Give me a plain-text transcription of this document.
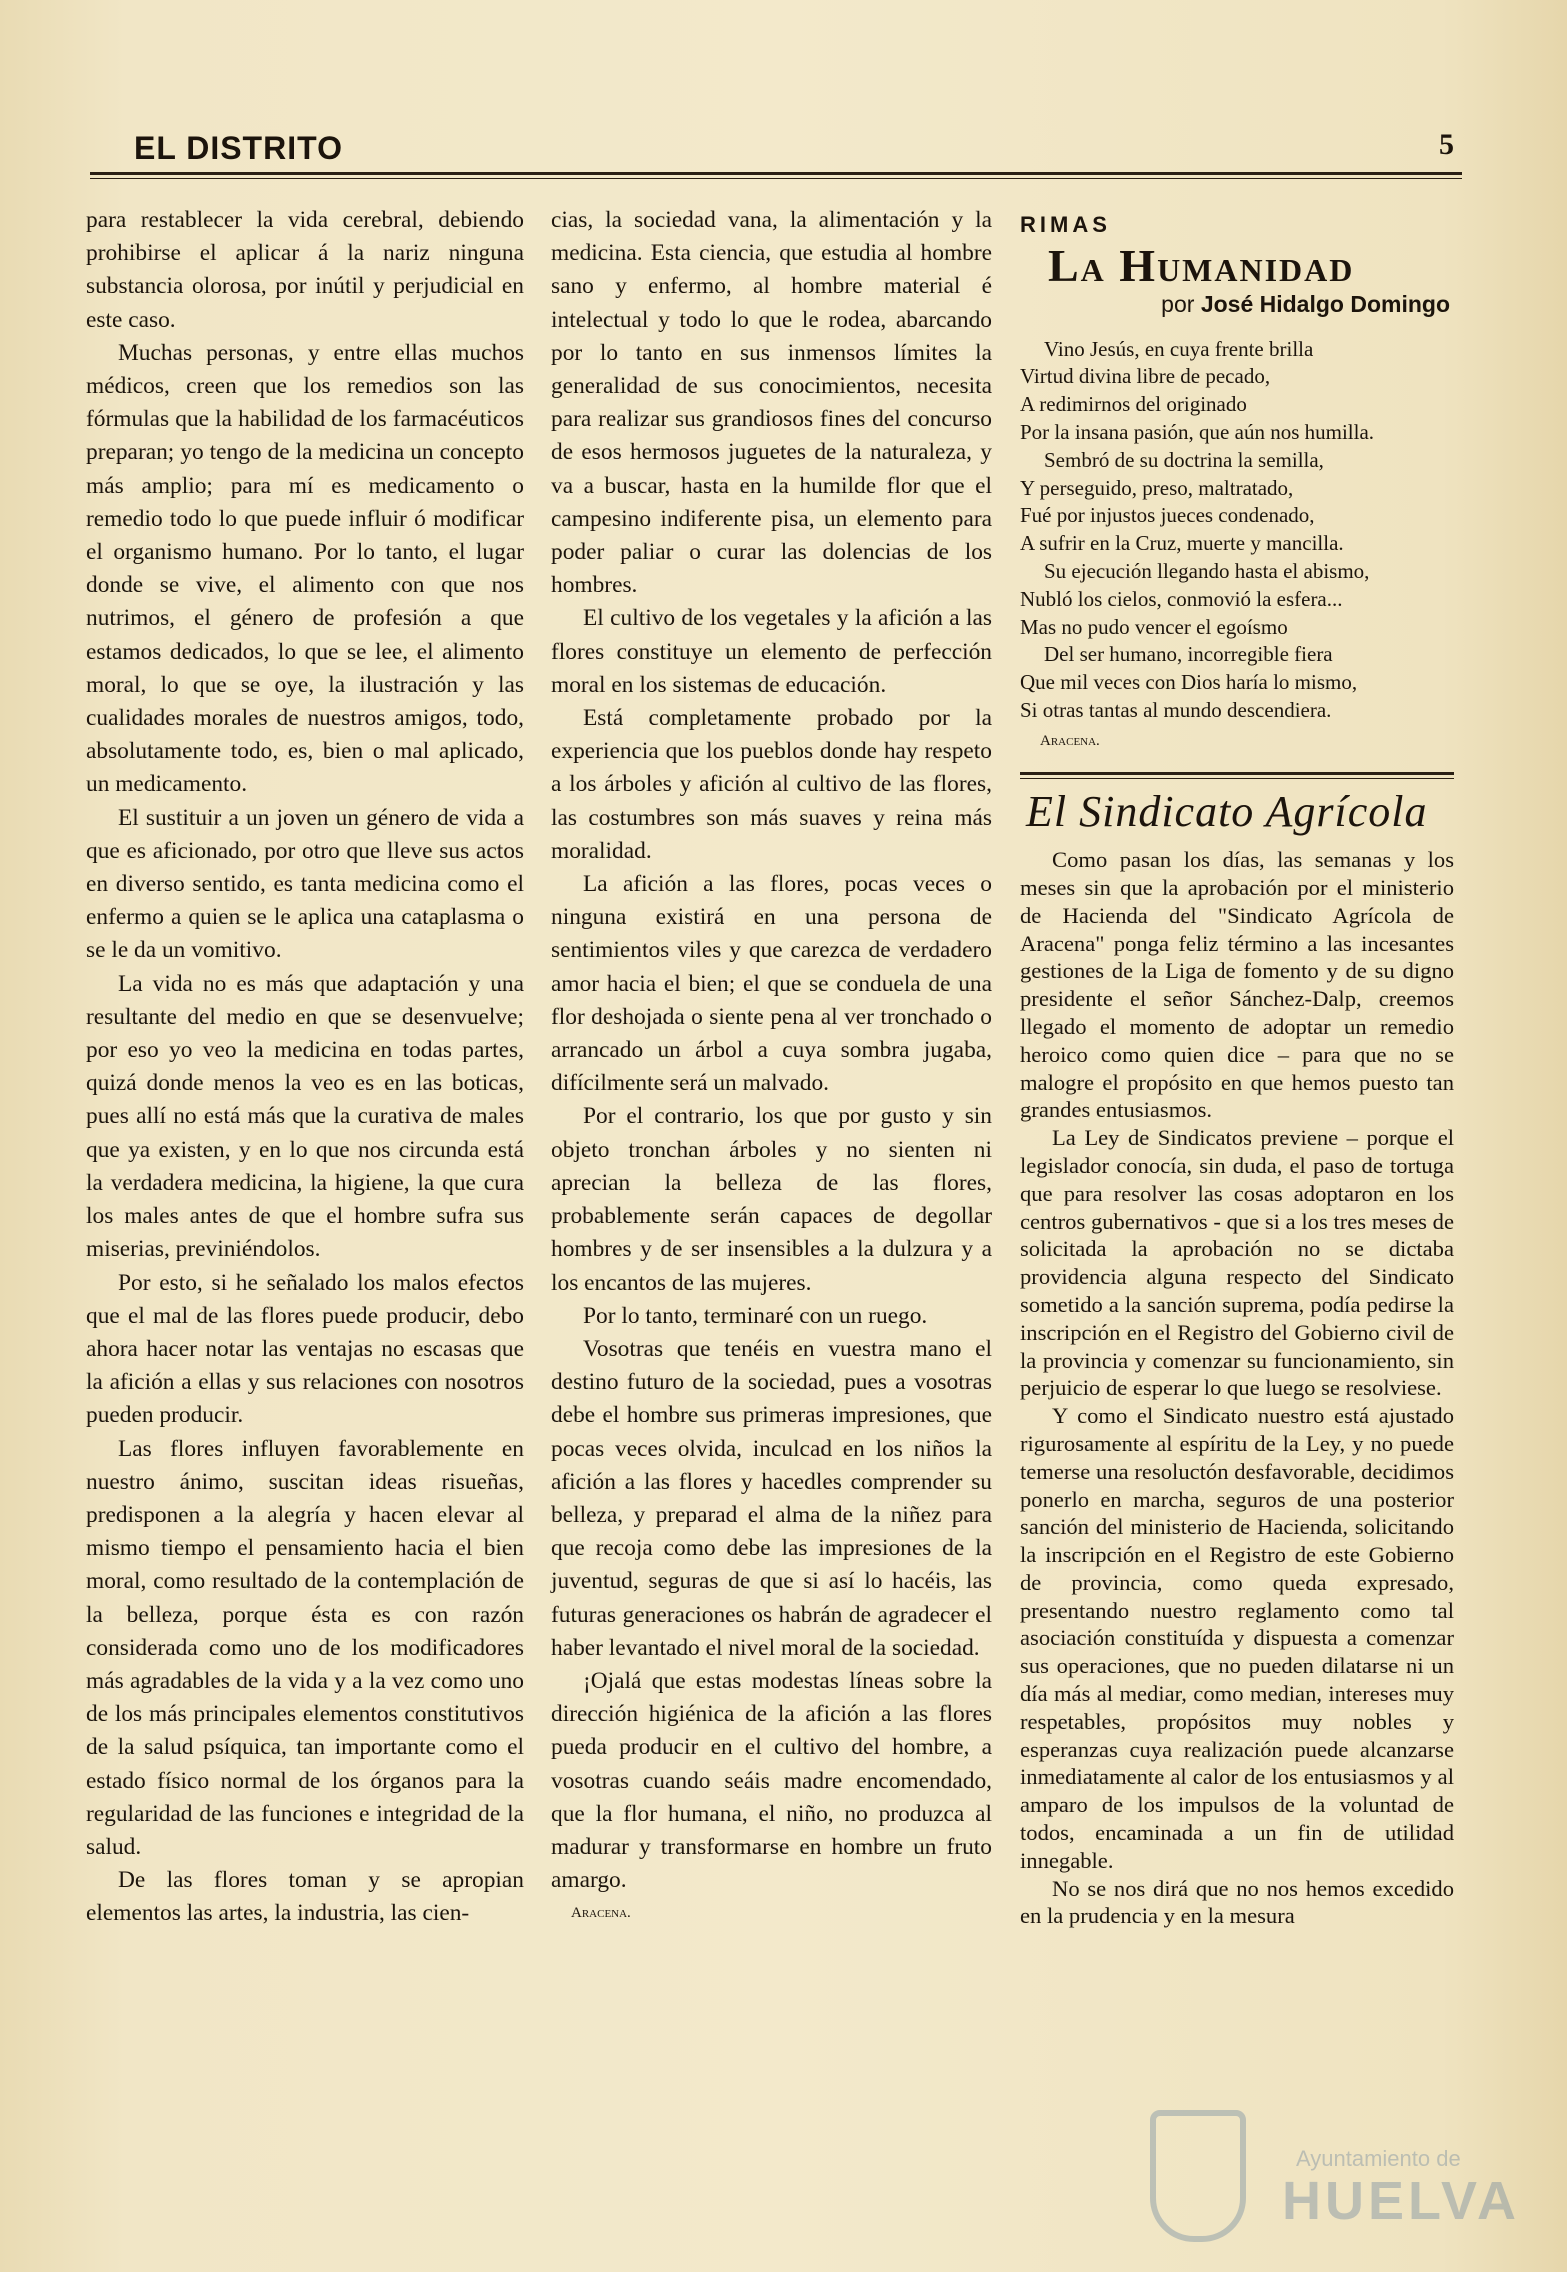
EL DISTRITO	5

para restablecer la vida cerebral, debiendo prohibirse el aplicar á la nariz ninguna substancia olorosa, por inútil y perjudicial en este caso.

Muchas personas, y entre ellas muchos médicos, creen que los remedios son las fórmulas que la habilidad de los farmacéuticos preparan; yo tengo de la medicina un concepto más amplio; para mí es medicamento o remedio todo lo que puede influir ó modificar el organismo humano. Por lo tanto, el lugar donde se vive, el alimento con que nos nutrimos, el género de profesión a que estamos dedicados, lo que se lee, el alimento moral, lo que se oye, la ilustración y las cualidades morales de nuestros amigos, todo, absolutamente todo, es, bien o mal aplicado, un medicamento.

El sustituir a un joven un género de vida a que es aficionado, por otro que lleve sus actos en diverso sentido, es tanta medicina como el enfermo a quien se le aplica una cataplasma o se le da un vomitivo.

La vida no es más que adaptación y una resultante del medio en que se desenvuelve; por eso yo veo la medicina en todas partes, quizá donde menos la veo es en las boticas, pues allí no está más que la curativa de males que ya existen, y en lo que nos circunda está la verdadera medicina, la higiene, la que cura los males antes de que el hombre sufra sus miserias, previniéndolos.

Por esto, si he señalado los malos efectos que el mal de las flores puede producir, debo ahora hacer notar las ventajas no escasas que la afición a ellas y sus relaciones con nosotros pueden producir.

Las flores influyen favorablemente en nuestro ánimo, suscitan ideas risueñas, predisponen a la alegría y hacen elevar al mismo tiempo el pensamiento hacia el bien moral, como resultado de la contemplación de la belleza, porque ésta es con razón considerada como uno de los modificadores más agradables de la vida y a la vez como uno de los más principales elementos constitutivos de la salud psíquica, tan importante como el estado físico normal de los órganos para la regularidad de las funciones e integridad de la salud.

De las flores toman y se apropian elementos las artes, la industria, las cien-

cias, la sociedad vana, la alimentación y la medicina. Esta ciencia, que estudia al hombre sano y enfermo, al hombre material é intelectual y todo lo que le rodea, abarcando por lo tanto en sus inmensos límites la generalidad de sus conocimientos, necesita para realizar sus grandiosos fines del concurso de esos hermosos juguetes de la naturaleza, y va a buscar, hasta en la humilde flor que el campesino indiferente pisa, un elemento para poder paliar o curar las dolencias de los hombres.

El cultivo de los vegetales y la afición a las flores constituye un elemento de perfección moral en los sistemas de educación.

Está completamente probado por la experiencia que los pueblos donde hay respeto a los árboles y afición al cultivo de las flores, las costumbres son más suaves y reina más moralidad.

La afición a las flores, pocas veces o ninguna existirá en una persona de sentimientos viles y que carezca de verdadero amor hacia el bien; el que se conduela de una flor deshojada o siente pena al ver tronchado o arrancado un árbol a cuya sombra jugaba, difícilmente será un malvado.

Por el contrario, los que por gusto y sin objeto tronchan árboles y no sienten ni aprecian la belleza de las flores, probablemente serán capaces de degollar hombres y de ser insensibles a la dulzura y a los encantos de las mujeres.

Por lo tanto, terminaré con un ruego.

Vosotras que tenéis en vuestra mano el destino futuro de la sociedad, pues a vosotras debe el hombre sus primeras impresiones, que pocas veces olvida, inculcad en los niños la afición a las flores y hacedles comprender su belleza, y preparad el alma de la niñez para que recoja como debe las impresiones de la juventud, seguras de que si así lo hacéis, las futuras generaciones os habrán de agradecer el haber levantado el nivel moral de la sociedad.

¡Ojalá que estas modestas líneas sobre la dirección higiénica de la afición a las flores pueda producir en el cultivo del hombre, a vosotras cuando seáis madre encomendado, que la flor humana, el niño, no produzca al madurar y transformarse en hombre un fruto amargo.

Aracena.

RIMAS
La Humanidad
por José Hidalgo Domingo
Vino Jesús, en cuya frente brilla
Virtud divina libre de pecado,
A redimirnos del originado
Por la insana pasión, que aún nos humilla.
Sembró de su doctrina la semilla,
Y perseguido, preso, maltratado,
Fué por injustos jueces condenado,
A sufrir en la Cruz, muerte y mancilla.
Su ejecución llegando hasta el abismo,
Nubló los cielos, conmovió la esfera...
Mas no pudo vencer el egoísmo
Del ser humano, incorregible fiera
Que mil veces con Dios haría lo mismo,
Si otras tantas al mundo descendiera.

Aracena.

El Sindicato Agrícola

Como pasan los días, las semanas y los meses sin que la aprobación por el ministerio de Hacienda del "Sindicato Agrícola de Aracena" ponga feliz término a las incesantes gestiones de la Liga de fomento y de su digno presidente el señor Sánchez-Dalp, creemos llegado el momento de adoptar un remedio heroico como quien dice – para que no se malogre el propósito en que hemos puesto tan grandes entusiasmos.

La Ley de Sindicatos previene – porque el legislador conocía, sin duda, el paso de tortuga que para resolver las cosas adoptaron en los centros gubernativos - que si a los tres meses de solicitada la aprobación no se dictaba providencia alguna respecto del Sindicato sometido a la sanción suprema, podía pedirse la inscripción en el Registro del Gobierno civil de la provincia y comenzar su funcionamiento, sin perjuicio de esperar lo que luego se resolviese.

Y como el Sindicato nuestro está ajustado rigurosamente al espíritu de la Ley, y no puede temerse una resoluctón desfavorable, decidimos ponerlo en marcha, seguros de una posterior sanción del ministerio de Hacienda, solicitando la inscripción en el Registro de este Gobierno de provincia, como queda expresado, presentando nuestro reglamento como tal asociación constituída y dispuesta a comenzar sus operaciones, que no pueden dilatarse ni un día más al mediar, como median, intereses muy respetables, propósitos muy nobles y esperanzas cuya realización puede alcanzarse inmediatamente al calor de los entusiasmos y al amparo de los impulsos de la voluntad de todos, encaminada a un fin de utilidad innegable.

No se nos dirá que no nos hemos excedido en la prudencia y en la mesura

Ayuntamiento de
HUELVA
